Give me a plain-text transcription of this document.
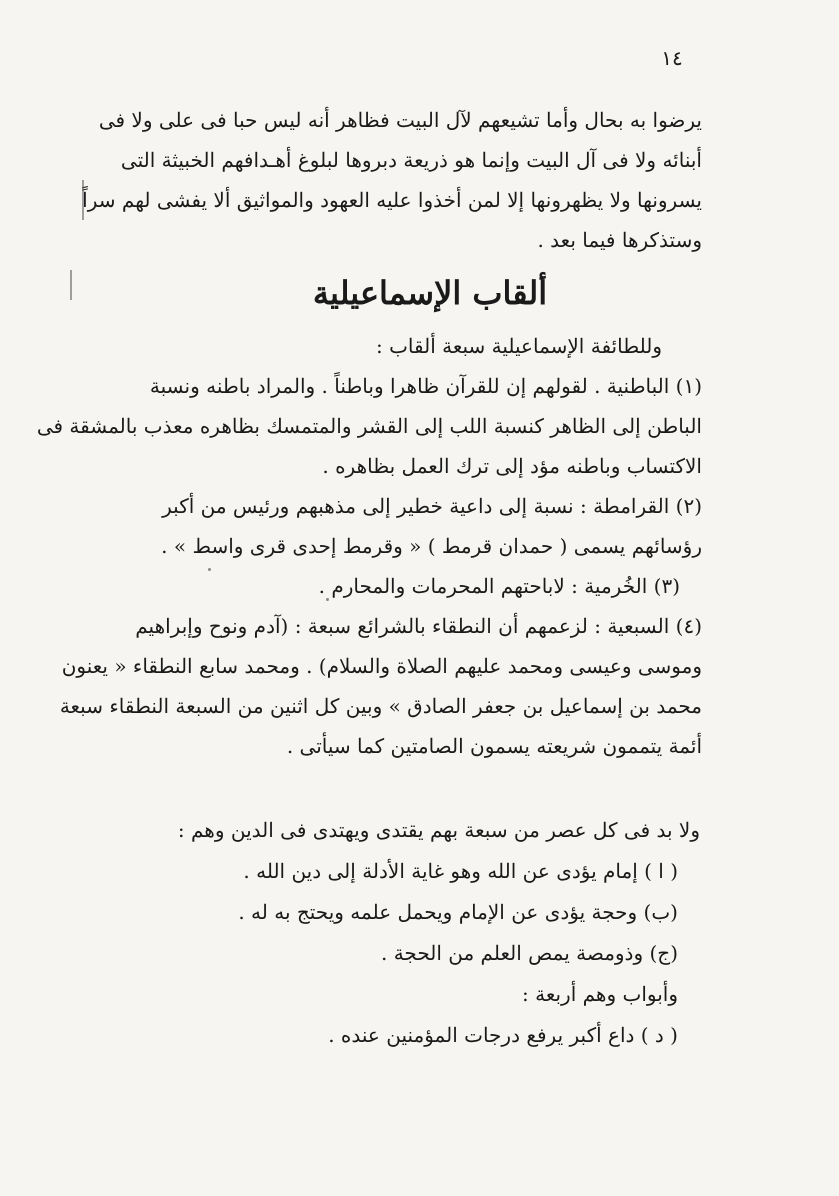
١٤
يرضوا به بحال وأما تشيعهم لآل البيت فظاهر أنه ليس حبا فى على ولا فى
أبنائه ولا فى آل البيت وإنما هو ذريعة دبروها لبلوغ أهـدافهم الخبيثة التى
يسرونها ولا يظهرونها إلا لمن أخذوا عليه العهود والمواثيق ألا يفشى لهم سراً
وستذكرها فيما بعد .
ألقاب الإسماعيلية
وللطائفة الإسماعيلية سبعة ألقاب :
(١) الباطنية . لقولهم إن للقرآن ظاهرا وباطناً . والمراد باطنه ونسبة
الباطن إلى الظاهر كنسبة اللب إلى القشر والمتمسك بظاهره معذب بالمشقة فى
الاكتساب وباطنه مؤد إلى ترك العمل بظاهره .
(٢) القرامطة : نسبة إلى داعية خطير إلى مذهبهم ورئيس من أكبر
رؤسائهم يسمى ( حمدان قرمط ) « وقرمط إحدى قرى واسط » .
(٣) الخُرمية : لاباحتهم المحرمات والمحارم .
(٤) السبعية : لزعمهم أن النطقاء بالشرائع سبعة : (آدم ونوح وإبراهيم
وموسى وعيسى ومحمد عليهم الصلاة والسلام) . ومحمد سابع النطقاء « يعنون
محمد بن إسماعيل بن جعفر الصادق » وبين كل اثنين من السبعة النطقاء سبعة
أئمة يتممون شريعته يسمون الصامتين كما سيأتى .
ولا بد فى كل عصر من سبعة بهم يقتدى ويهتدى فى الدين وهم :
( ا ) إمام يؤدى عن الله وهو غاية الأدلة إلى دين الله .
(ب) وحجة يؤدى عن الإمام ويحمل علمه ويحتج به له .
(ج) وذومصة يمص العلم من الحجة .
وأبواب وهم أربعة :
( د ) داع أكبر يرفع درجات المؤمنين عنده .
